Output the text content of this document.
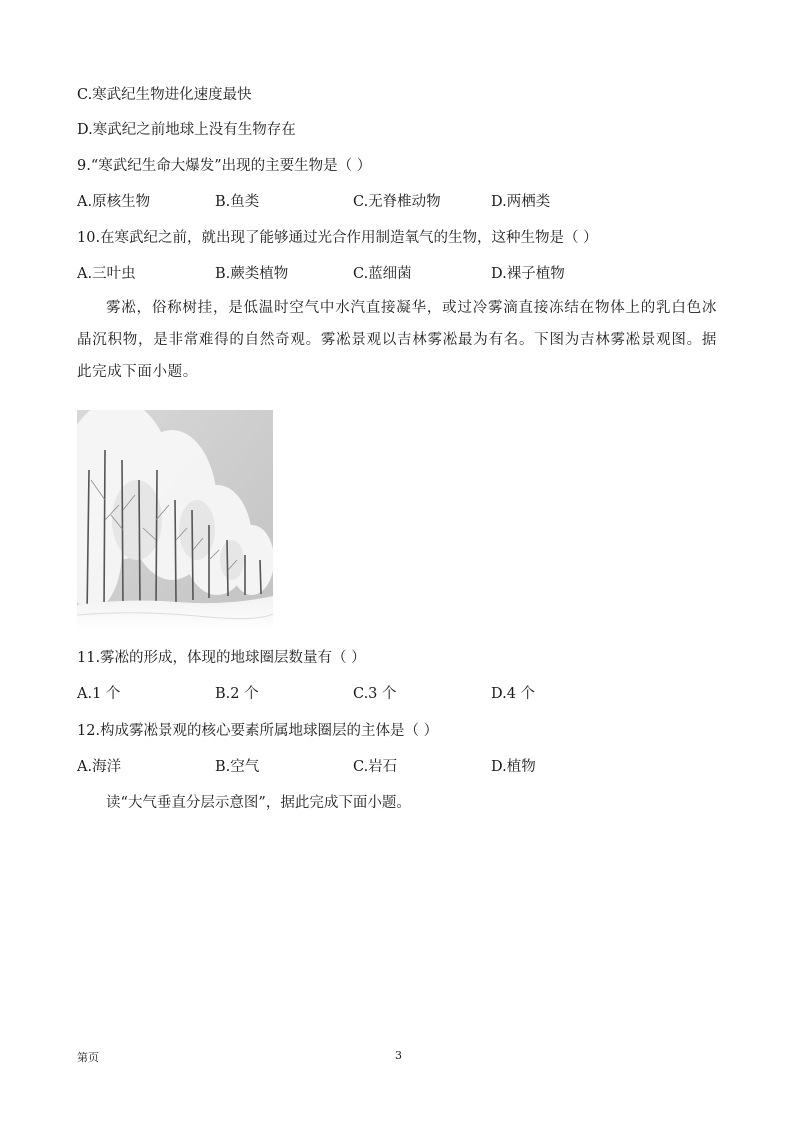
C.寒武纪生物进化速度最快
D.寒武纪之前地球上没有生物存在
9.“寒武纪生命大爆发”出现的主要生物是（ ）
A.原核生物	B.鱼类	C.无脊椎动物	D.两栖类
10.在寒武纪之前，就出现了能够通过光合作用制造氧气的生物，这种生物是（ ）
A.三叶虫	B.蕨类植物	C.蓝细菌	D.裸子植物
雾凇，俗称树挂，是低温时空气中水汽直接凝华，或过冷雾滴直接冻结在物体上的乳白色冰晶沉积物，是非常难得的自然奇观。雾凇景观以吉林雾凇最为有名。下图为吉林雾凇景观图。据此完成下面小题。
11.雾凇的形成，体现的地球圈层数量有（ ）
A.1 个	B.2 个	C.3 个	D.4 个
12.构成雾凇景观的核心要素所属地球圈层的主体是（ ）
A.海洋	B.空气	C.岩石	D.植物
读“大气垂直分层示意图”，据此完成下面小题。
第页	3
